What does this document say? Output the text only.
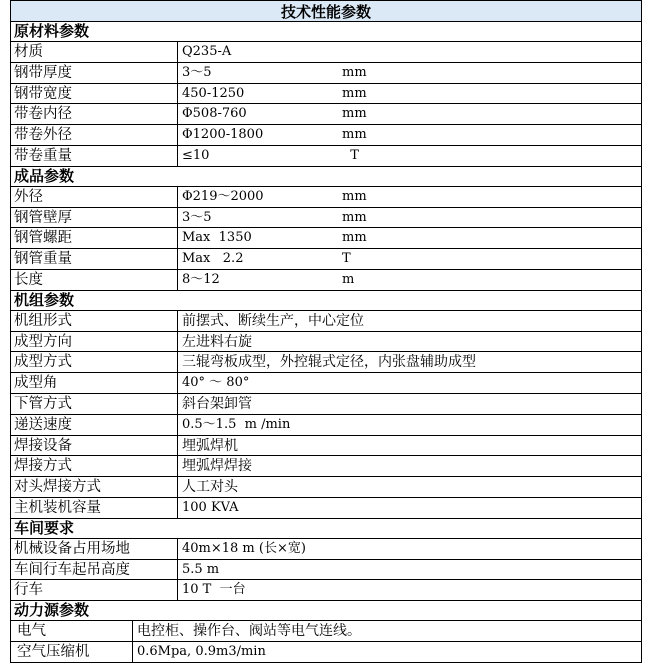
技术性能参数
原材料参数
材质	Q235-A
钢带厚度	3～5	mm
钢带宽度	450-1250	mm
带卷内径	Φ508-760	mm
带卷外径	Φ1200-1800	mm
带卷重量	≤10	T
成品参数
外径	Φ219～2000	mm
钢管壁厚	3～5	mm
钢管螺距	Max  1350	mm
钢管重量	Max   2.2	T
长度	8～12	m
机组参数
机组形式	前摆式、断续生产，中心定位
成型方向	左进料右旋
成型方式	三辊弯板成型，外控辊式定径，内张盘辅助成型
成型角	40° ～ 80°
下管方式	斜台架卸管
递送速度	0.5～1.5  m /min
焊接设备	埋弧焊机
焊接方式	埋弧焊焊接
对头焊接方式	人工对头
主机装机容量	100 KVA
车间要求
机械设备占用场地	40m×18 m (长×宽)
车间行车起吊高度	5.5 m
行车	10 T  一台
动力源参数
电气	电控柜、操作台、阀站等电气连线。
空气压缩机	0.6Mpa, 0.9m3/min
